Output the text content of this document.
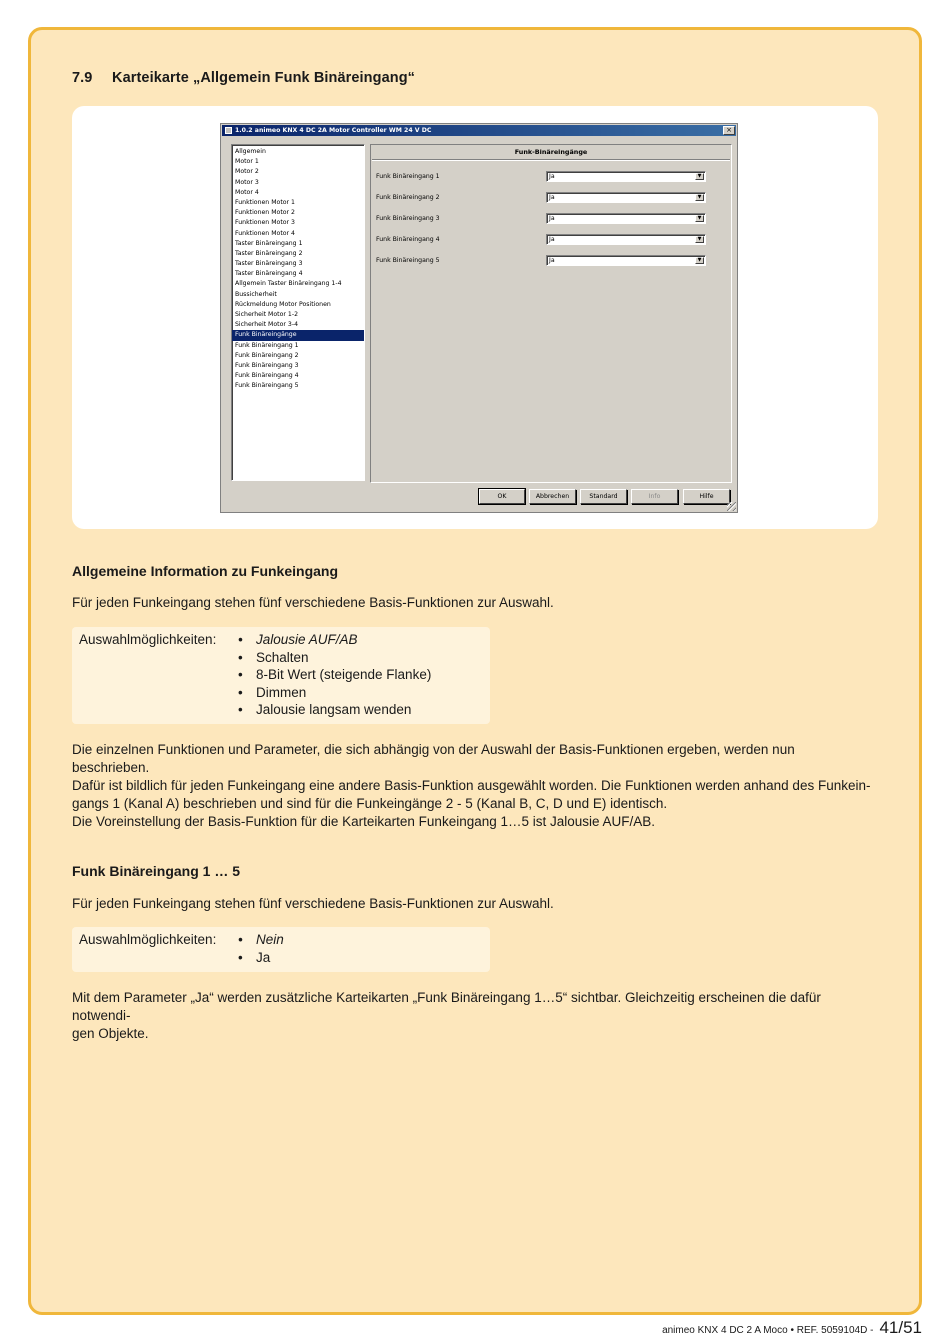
7.9 Karteikarte „Allgemein Funk Binäreingang“
1.0.2 animeo KNX 4 DC 2A Motor Controller WM 24 V DC	×
Allgemein
Motor 1
Motor 2
Motor 3
Motor 4
Funktionen Motor 1
Funktionen Motor 2
Funktionen Motor 3
Funktionen Motor 4
Taster Binäreingang 1
Taster Binäreingang 2
Taster Binäreingang 3
Taster Binäreingang 4
Allgemein Taster Binäreingang 1-4
Bussicherheit
Rückmeldung Motor Positionen
Sicherheit Motor 1-2
Sicherheit Motor 3-4
Funk Binäreingänge
Funk Binäreingang 1
Funk Binäreingang 2
Funk Binäreingang 3
Funk Binäreingang 4
Funk Binäreingang 5
Funk-Binäreingänge
Funk Binäreingang 1	Ja	▼
Funk Binäreingang 2	Ja	▼
Funk Binäreingang 3	Ja	▼
Funk Binäreingang 4	Ja	▼
Funk Binäreingang 5	Ja	▼
OK	Abbrechen	Standard	Info	Hilfe
Allgemeine Information zu Funkeingang
Für jeden Funkeingang stehen fünf verschiedene Basis-Funktionen zur Auswahl.
Auswahlmöglichkeiten:	• Jalousie AUF/AB
• Schalten
• 8-Bit Wert (steigende Flanke)
• Dimmen
• Jalousie langsam wenden
Die einzelnen Funktionen und Parameter, die sich abhängig von der Auswahl der Basis-Funktionen ergeben, werden nun beschrieben.
Dafür ist bildlich für jeden Funkeingang eine andere Basis-Funktion ausgewählt worden. Die Funktionen werden anhand des Funkein-
gangs 1 (Kanal A) beschrieben und sind für die Funkeingänge 2 - 5 (Kanal B, C, D und E) identisch.
Die Voreinstellung der Basis-Funktion für die Karteikarten Funkeingang 1…5 ist Jalousie AUF/AB.
Funk Binäreingang 1 … 5
Für jeden Funkeingang stehen fünf verschiedene Basis-Funktionen zur Auswahl.
Auswahlmöglichkeiten:	• Nein
• Ja
Mit dem Parameter „Ja“ werden zusätzliche Karteikarten „Funk Binäreingang 1…5“ sichtbar. Gleichzeitig erscheinen die dafür notwendi-
gen Objekte.
animeo KNX 4 DC 2 A Moco • REF. 5059104D - 41/51
